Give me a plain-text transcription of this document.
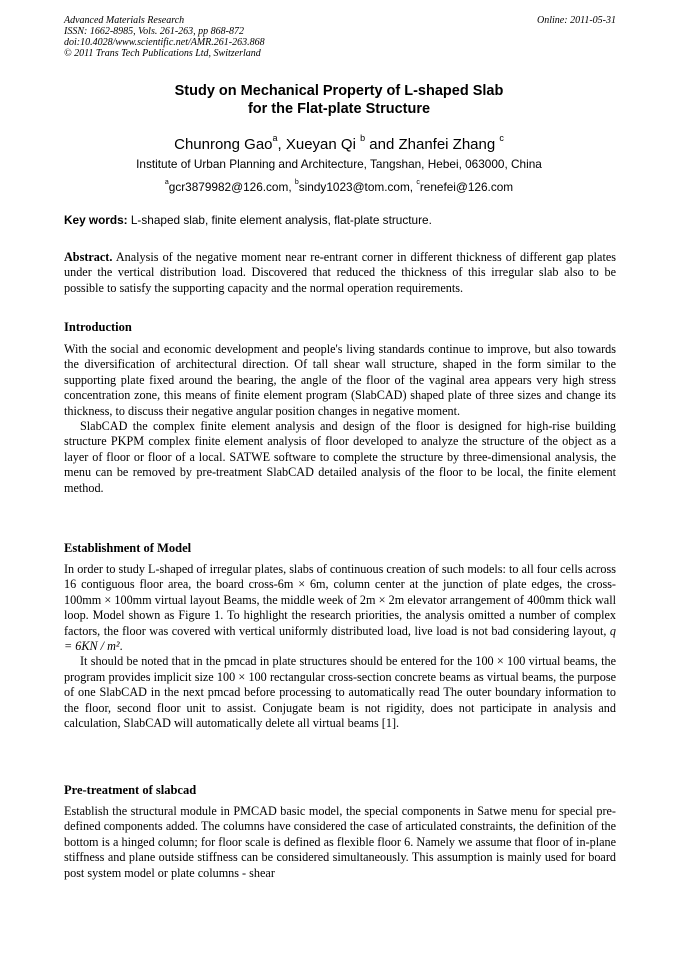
Advanced Materials Research
ISSN: 1662-8985, Vols. 261-263, pp 868-872
doi:10.4028/www.scientific.net/AMR.261-263.868
© 2011 Trans Tech Publications Ltd, Switzerland
Online: 2011-05-31
Study on Mechanical Property of L-shaped Slab
for the Flat-plate Structure
Chunrong Gao$^a$, Xueyan Qi $^b$ and Zhanfei Zhang $^c$
Institute of Urban Planning and Architecture, Tangshan, Hebei, 063000, China
$^a$gcr3879982@126.com, $^b$sindy1023@tom.com, $^c$renefei@126.com
Key words: L-shaped slab, finite element analysis, flat-plate structure.

Abstract. Analysis of the negative moment near re-entrant corner in different thickness of different gap plates under the vertical distribution load. Discovered that reduced the thickness of this irregular slab also to be possible to satisfy the supporting capacity and the normal operation requirements.

Introduction

With the social and economic development and people's living standards continue to improve, but also towards the diversification of architectural direction. Of tall shear wall structure, shaped in the form similar to the supporting plate fixed around the bearing, the angle of the floor of the vaginal area appears very high stress concentration zone, this means of finite element program (SlabCAD) shaped plate of three sizes and change its thickness, to discuss their negative angular position changes in negative moment.

SlabCAD the complex finite element analysis and design of the floor is designed for high-rise building structure PKPM complex finite element analysis of floor developed to analyze the structure of the object as a layer of floor or floor of a local. SATWE software to complete the structure by three-dimensional analysis, the menu can be removed by pre-treatment SlabCAD detailed analysis of the floor to be local, the finite element method.

Establishment of Model

In order to study L-shaped of irregular plates, slabs of continuous creation of such models: to all four cells across 16 contiguous floor area, the board cross-6m × 6m, column center at the junction of plate edges, the cross-100mm × 100mm virtual layout Beams, the middle week of 2m × 2m elevator arrangement of 400mm thick wall loop. Model shown as Figure 1. To highlight the research priorities, the analysis omitted a number of complex factors, the floor was covered with vertical uniformly distributed load, live load is not bad considering layout, q = 6KN / m².

It should be noted that in the pmcad in plate structures should be entered for the 100 × 100 virtual beams, the program provides implicit size 100 × 100 rectangular cross-section concrete beams as virtual beams, the purpose of one SlabCAD in the next pmcad before processing to automatically read The outer boundary information to the floor, second floor unit to assist. Conjugate beam is not rigidity, does not participate in analysis and calculation, SlabCAD will automatically delete all virtual beams [1].

Pre-treatment of slabcad

Establish the structural module in PMCAD basic model, the special components in Satwe menu for special pre-defined components added. The columns have considered the case of articulated constraints, the definition of the bottom is a hinged column; for floor scale is defined as flexible floor 6. Namely we assume that floor of in-plane stiffness and plane outside stiffness can be considered simultaneously. This assumption is mainly used for board post system model or plate columns - shear
